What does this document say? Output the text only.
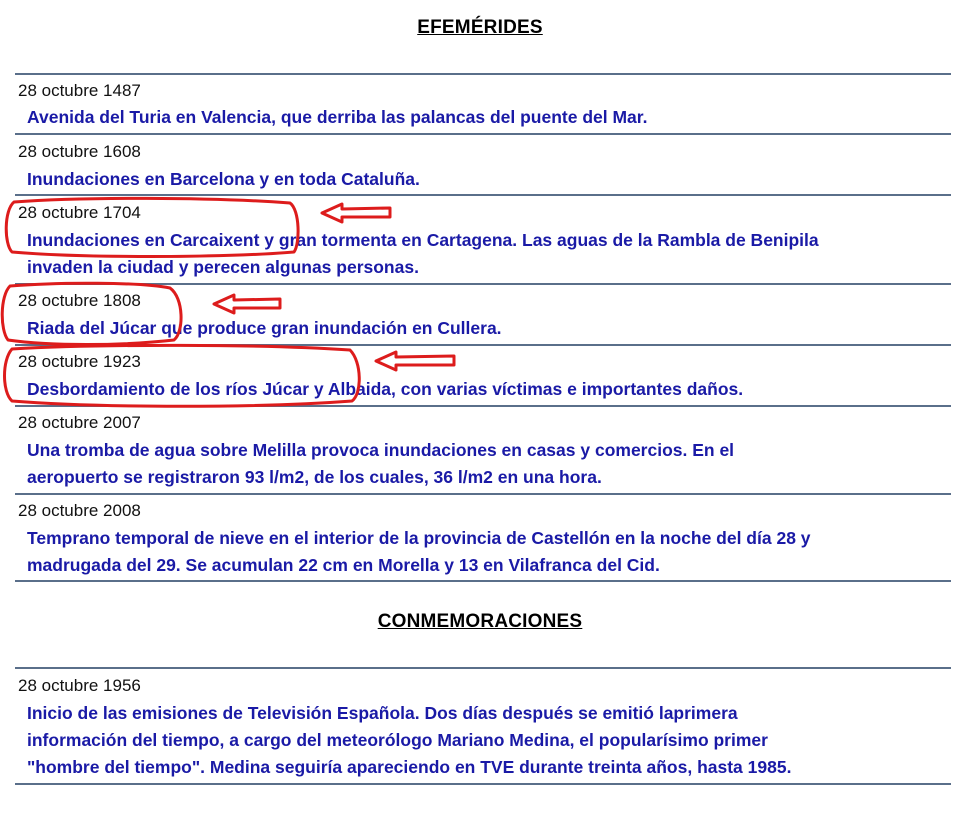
EFEMÉRIDES
28 octubre 1487
Avenida del Turia en Valencia, que derriba las palancas del puente del Mar.
28 octubre 1608
Inundaciones en Barcelona y en toda Cataluña.
28 octubre 1704
Inundaciones en Carcaixent y gran tormenta en Cartagena. Las aguas de la Rambla de Benipila
invaden la ciudad y perecen algunas personas.
28 octubre 1808
Riada del Júcar que produce gran inundación en Cullera.
28 octubre 1923
Desbordamiento de los ríos Júcar y Albaida, con varias víctimas e importantes daños.
28 octubre 2007
Una tromba de agua sobre Melilla provoca inundaciones en casas y comercios. En el
aeropuerto se registraron 93 l/m2, de los cuales, 36 l/m2 en una hora.
28 octubre 2008
Temprano temporal de nieve en el interior de la provincia de Castellón en la noche del día 28 y
madrugada del 29. Se acumulan 22 cm en Morella y 13 en Vilafranca del Cid.
CONMEMORACIONES
28 octubre 1956
Inicio de las emisiones de Televisión Española. Dos días después se emitió laprimera
información del tiempo, a cargo del meteorólogo Mariano Medina, el popularísimo primer
"hombre del tiempo". Medina seguiría apareciendo en TVE durante treinta años, hasta 1985.
